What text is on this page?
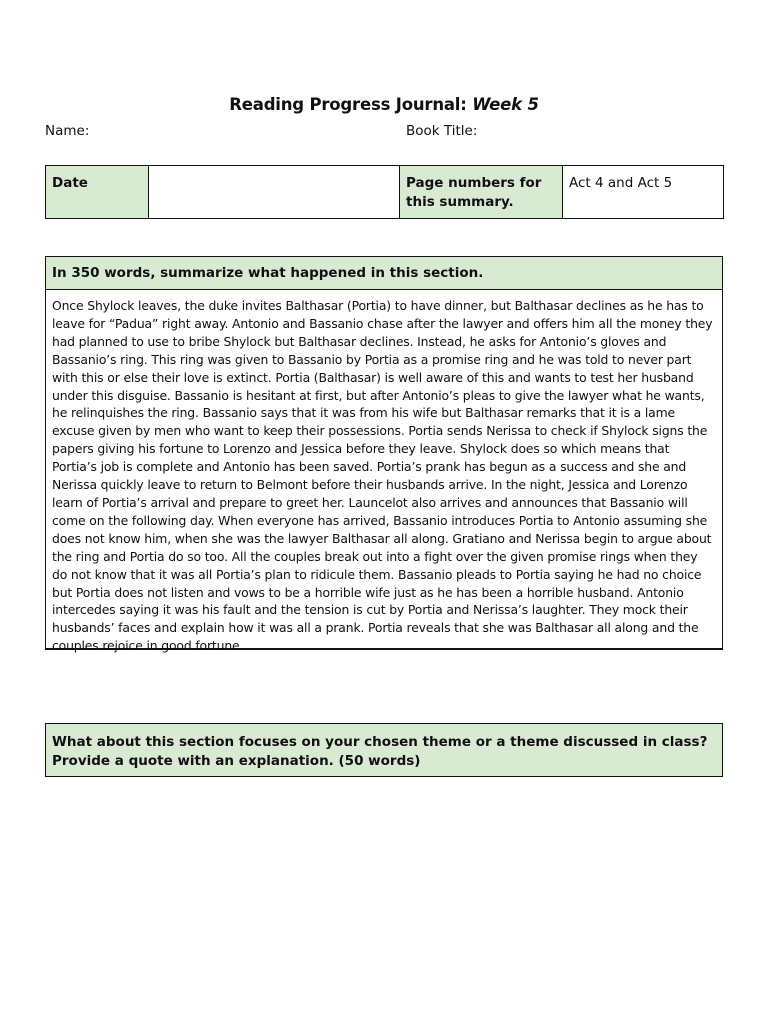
Reading Progress Journal: Week 5
Name:	Book Title:
Date		Page numbers for this summary.	Act 4 and Act 5
In 350 words, summarize what happened in this section.
Once Shylock leaves, the duke invites Balthasar (Portia) to have dinner, but Balthasar declines as he has to leave for “Padua” right away. Antonio and Bassanio chase after the lawyer and offers him all the money they had planned to use to bribe Shylock but Balthasar declines. Instead, he asks for Antonio’s gloves and Bassanio’s ring. This ring was given to Bassanio by Portia as a promise ring and he was told to never part with this or else their love is extinct. Portia (Balthasar) is well aware of this and wants to test her husband under this disguise. Bassanio is hesitant at first, but after Antonio’s pleas to give the lawyer what he wants, he relinquishes the ring. Bassanio says that it was from his wife but Balthasar remarks that it is a lame excuse given by men who want to keep their possessions. Portia sends Nerissa to check if Shylock signs the papers giving his fortune to Lorenzo and Jessica before they leave. Shylock does so which means that Portia’s job is complete and Antonio has been saved. Portia’s prank has begun as a success and she and Nerissa quickly leave to return to Belmont before their husbands arrive. In the night, Jessica and Lorenzo learn of Portia’s arrival and prepare to greet her. Launcelot also arrives and announces that Bassanio will come on the following day. When everyone has arrived, Bassanio introduces Portia to Antonio assuming she does not know him, when she was the lawyer Balthasar all along. Gratiano and Nerissa begin to argue about the ring and Portia do so too. All the couples break out into a fight over the given promise rings when they do not know that it was all Portia’s plan to ridicule them. Bassanio pleads to Portia saying he had no choice but Portia does not listen and vows to be a horrible wife just as he has been a horrible husband. Antonio intercedes saying it was his fault and the tension is cut by Portia and Nerissa’s laughter. They mock their husbands’ faces and explain how it was all a prank. Portia reveals that she was Balthasar all along and the couples rejoice in good fortune.
What about this section focuses on your chosen theme or a theme discussed in class? Provide a quote with an explanation. (50 words)
